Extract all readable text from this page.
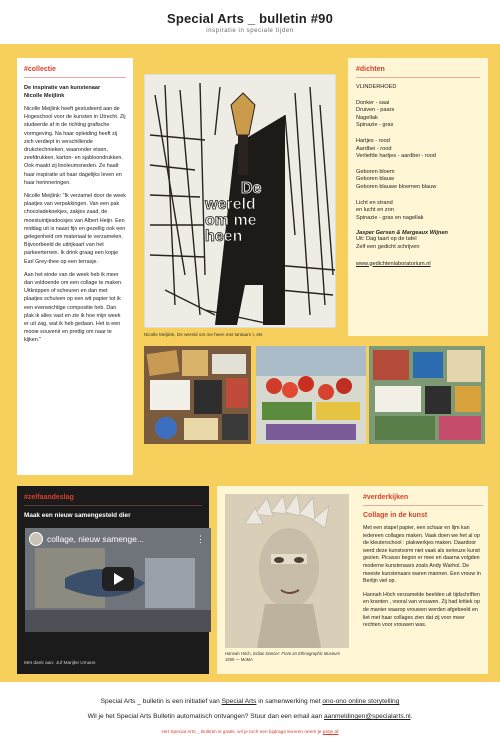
Special Arts _ bulletin #90
inspiratie in speciale tijden
#collectie
De inspiratie van kunstenaar
Nicolle Meijlink

Nicolle Meijlink heeft gestudeerd aan de Hogeschool voor de kunsten in Utrecht. Zij studeerde af in de richting grafische vormgeving. Na haar opleiding heeft zij zich verdiept in verschillende drukctechnieken, waaronder etsen, zeefdrukken, karton- en sjabloondrukken. Ook maakt zij linoleumsneden. Ze haalt haar inspiratie uit haar dagelijks leven en haar herinneringen.

Nicolle Meijlink: "Ik verzamel door de week plaatjes van verpakkingen. Van een pak chocoladekoekjes, zakjes zaad, de moestuintjesdoosjes van Albert Heijn. Een middag uit is naast fijn en gezellig ook een gelegenheid om materiaal te verzamelen. Bijvoorbeeld de uitrijkaart van het parkeerterrein. Ik drink graag een kopje Earl Grey-thee op een terrasje.

Aan het einde van de week heb ik meer dan voldoende om een collage te maken. Uitknippen of scheuren en dan met plaatjes schuiven op een wit papier tot ik een evenwichtige compositie heb. Dan plak ik alles vast en zie ik hoe mijn week er uit zag, wat ik heb gedaan. Het is een mooie souvenir en prettig om naar te kijken."

De
wereld
om me
heen
Nicolle Meijlink, De wereld om me heen met lantaarn I, ets
#dichten
VLINDERHOED
Donker - saai
Druiven - paars
Nagellak
Spinazie - gras
Hartjes - rood
Aardbei - rood
Verliefde hartjes - aardbei - rood
Geboren bloem
Geboren blauw
Geboren blauwe bloemen blauw
Licht en strand
en lucht en zon
Spinazie - gras en nagellak
Jasper Gersen & Margeaux Wijnen
Uit: Dag taart op de tafel
Zelf een gedicht schrijven
www.gedichtenlaboratorium.nl
#zelfaandeslag
Maak een nieuw samengesteld dier
collage, nieuw samenge...	⋮
Met dank aan: Juf Marijke Umans
Hannah Höch, Indian Dancer: From an Ethnographic Museum
1930 — MoMA
#verderkijken
Collage in de kunst

Met een stapel papier, een schaar en lijm kan iedereen collages maken. Vaak doen we het al op de kleuterschool : plakwerkjes maken. Daardoor werd deze kunstvorm niet vaak als serieuze kunst gezien. Picasso begon er mee en daarna volgden moderne kunstenaars zoals Andy Warhol. De meeste kunstenaars waren mannen. Een vrouw in Berlijn viel op.

Hannah Höch verzamelde beelden uit tijdschriften en kranten , vooral van vrouwen. Zij had kritiek op de manier waarop vrouwen werden afgebeeld en liet met haar collages zien dat zij voor meer rechten voor vrouwen was.

Special Arts _ bulletin is een initiatief van Special Arts in samenwerking met ono-ono online storytelling
Wil je het Special Arts Bulletin automatisch ontvangen? Stuur dan een email aan aanmeldingen@specialarts.nl.
Het Special Arts _ Bulletin is gratis, wil je toch een bijdrage leveren neem je petje af
